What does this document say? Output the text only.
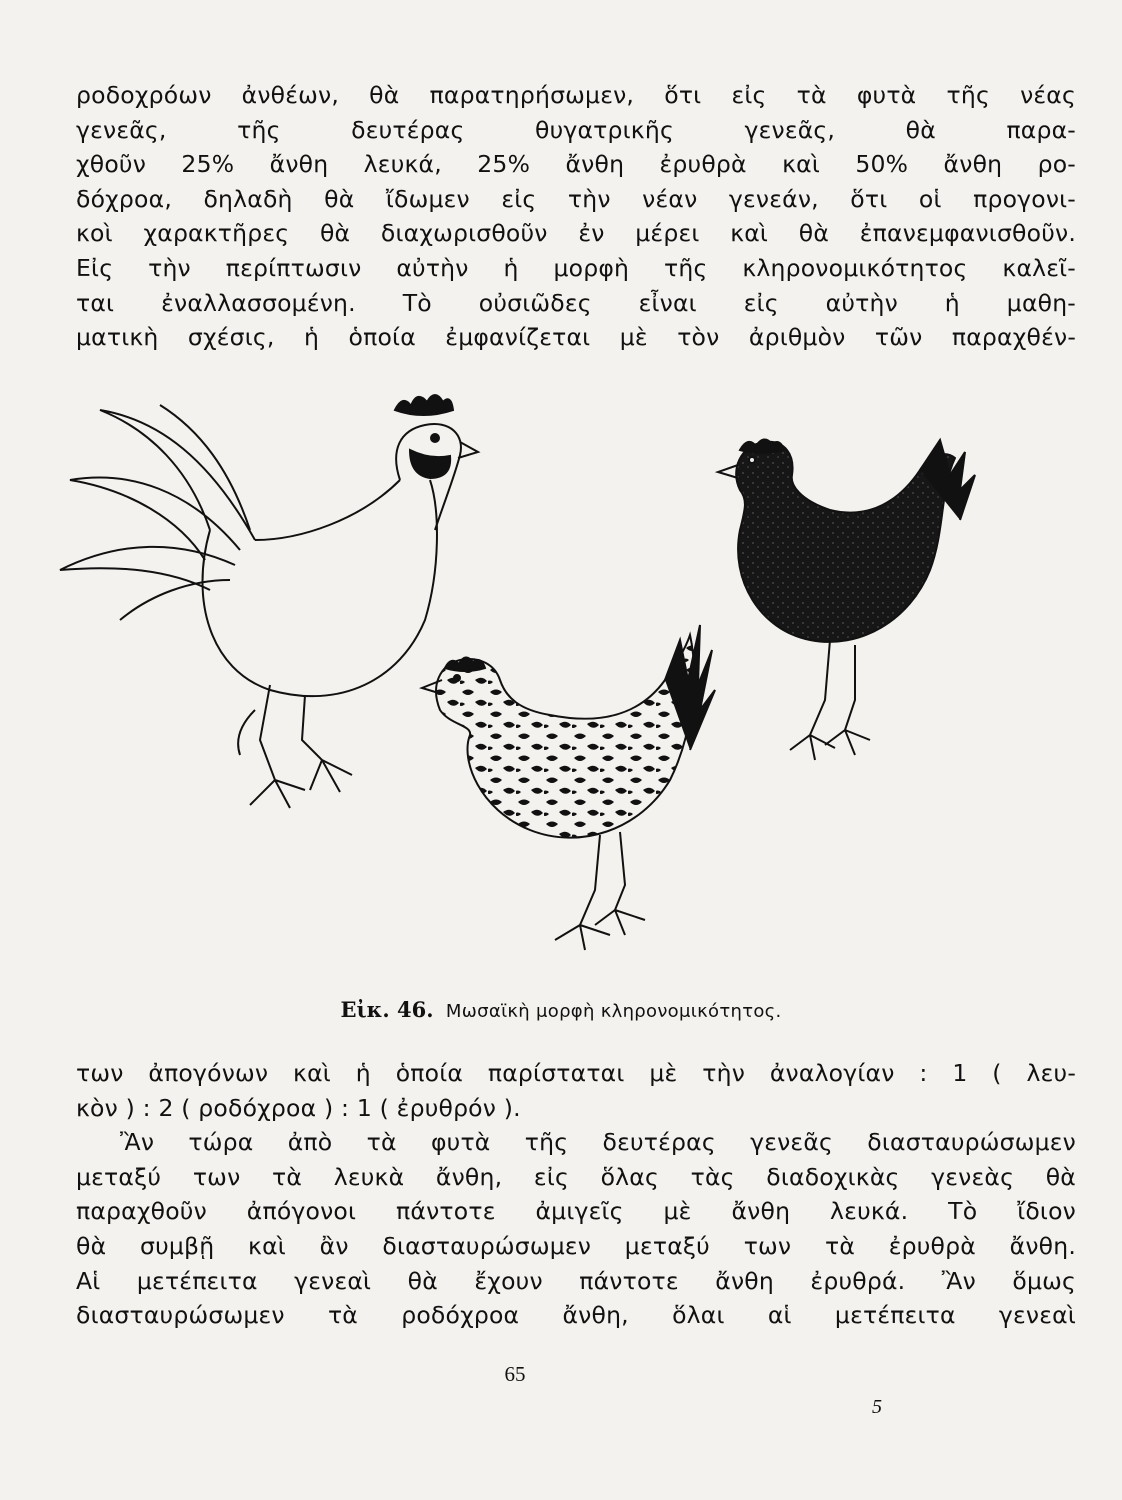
ροδοχρόων ἀνθέων, θὰ παρατηρήσωμεν, ὅτι εἰς τὰ φυτὰ τῆς νέας
γενεᾶς, τῆς δευτέρας θυγατρικῆς γενεᾶς, θὰ παρα-
χθοῦν 25% ἄνθη λευκά, 25% ἄνθη ἐρυθρὰ καὶ 50% ἄνθη ρο-
δόχροα, δηλαδὴ θὰ ἴδωμεν εἰς τὴν νέαν γενεάν, ὅτι οἱ προγονι-
κοὶ χαρακτῆρες θὰ διαχωρισθοῦν ἐν μέρει καὶ θὰ ἐπανεμφανισθοῦν.
Εἰς τὴν περίπτωσιν αὐτὴν ἡ μορφὴ τῆς κληρονομικότητος καλεῖ-
ται ἐναλλασσομένη. Τὸ οὐσιῶδες εἶναι εἰς αὐτὴν ἡ μαθη-
ματικὴ σχέσις, ἡ ὁποία ἐμφανίζεται μὲ τὸν ἀριθμὸν τῶν παραχθέν-
Εἰκ. 46. Μωσαϊκὴ μορφὴ κληρονομικότητος.
των ἀπογόνων καὶ ἡ ὁποία παρίσταται μὲ τὴν ἀναλογίαν : 1 ( λευ-
κὸν ) : 2 ( ροδόχροα ) : 1 ( ἐρυθρόν ).
Ἂν τώρα ἀπὸ τὰ φυτὰ τῆς δευτέρας γενεᾶς διασταυρώσωμεν
μεταξύ των τὰ λευκὰ ἄνθη, εἰς ὅλας τὰς διαδοχικὰς γενεὰς θὰ
παραχθοῦν ἀπόγονοι πάντοτε ἀμιγεῖς μὲ ἄνθη λευκά. Τὸ ἴδιον
θὰ συμβῇ καὶ ἂν διασταυρώσωμεν μεταξύ των τὰ ἐρυθρὰ ἄνθη.
Αἱ μετέπειτα γενεαὶ θὰ ἔχουν πάντοτε ἄνθη ἐρυθρά. Ἂν ὅμως
διασταυρώσωμεν τὰ ροδόχροα ἄνθη, ὅλαι αἱ μετέπειτα γενεαὶ
65
5
